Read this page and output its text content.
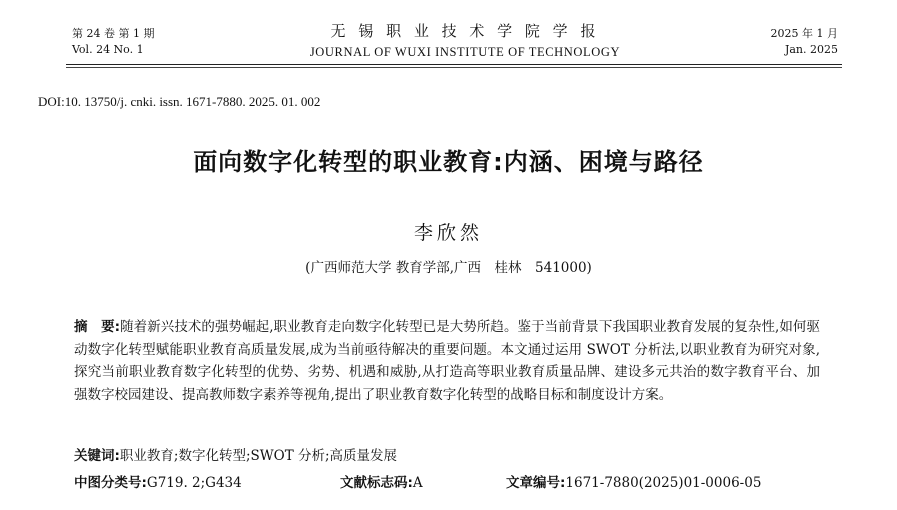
第 24 卷 第 1 期
Vol. 24 No. 1
无 锡 职 业 技 术 学 院 学 报
JOURNAL OF WUXI INSTITUTE OF TECHNOLOGY
2025 年 1 月
Jan. 2025
DOI:10. 13750/j. cnki. issn. 1671-7880. 2025. 01. 002
面向数字化转型的职业教育:内涵、困境与路径
李欣然
(广西师范大学 教育学部,广西　桂林　541000)
摘　要:随着新兴技术的强势崛起,职业教育走向数字化转型已是大势所趋。鉴于当前背景下我国职业教育发展的复杂性,如何驱动数字化转型赋能职业教育高质量发展,成为当前亟待解决的重要问题。本文通过运用 SWOT 分析法,以职业教育为研究对象,探究当前职业教育数字化转型的优势、劣势、机遇和威胁,从打造高等职业教育质量品牌、建设多元共治的数字教育平台、加强数字校园建设、提高教师数字素养等视角,提出了职业教育数字化转型的战略目标和制度设计方案。
关键词:职业教育;数字化转型;SWOT 分析;高质量发展
中图分类号:G719. 2;G434	文献标志码:A	文章编号:1671-7880(2025)01-0006-05
